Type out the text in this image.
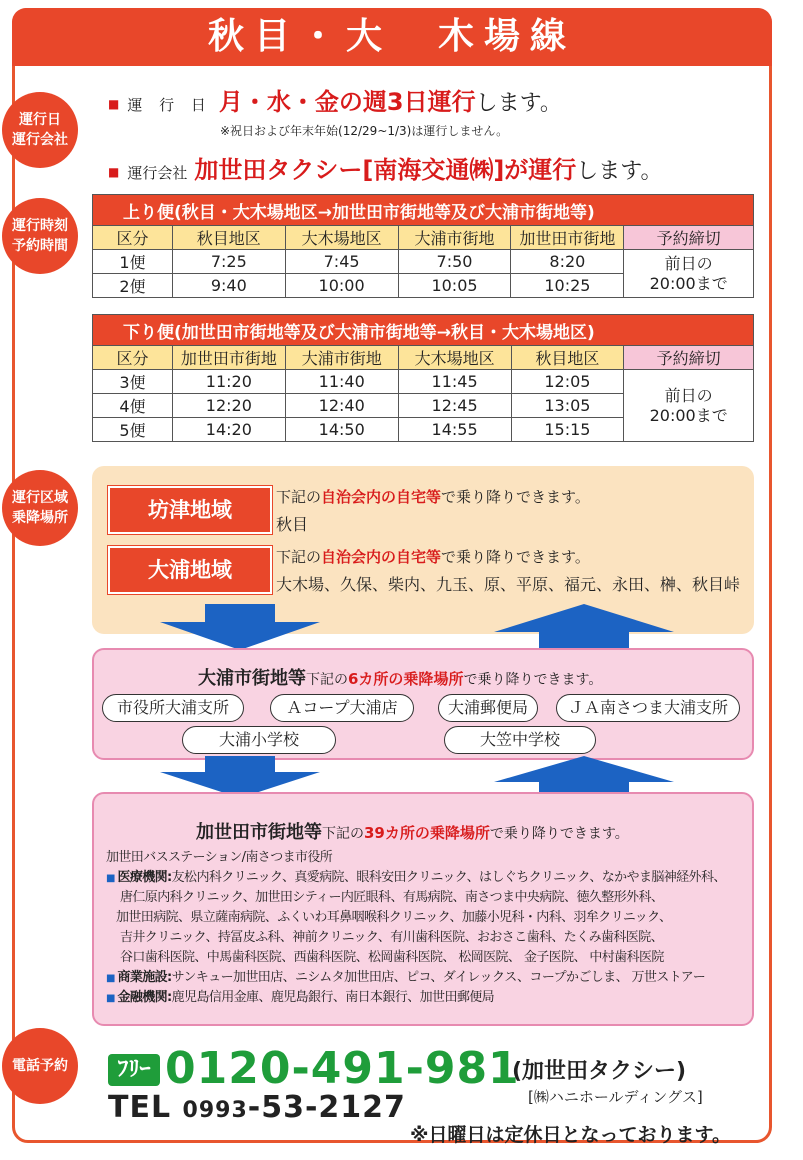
秋目・大　木場線
運行日
運行会社
運行時刻
予約時間
運行区域
乗降場所
電話予約
■ 運 行 日 月・水・金の週3日運行します。
※祝日および年末年始(12/29~1/3)は運行しません。
■ 運行会社 加世田タクシー[南海交通㈱]が運行します。
上り便(秋目・大木場地区→加世田市街地等及び大浦市街地等)					
区分	秋目地区	大木場地区	大浦市街地	加世田市街地	予約締切
1便	7:25	7:45	7:50	8:20	前日の
20:00まで
2便	9:40	10:00	10:05	10:25	
下り便(加世田市街地等及び大浦市街地等→秋目・大木場地区)					
区分	加世田市街地	大浦市街地	大木場地区	秋目地区	予約締切
3便	11:20	11:40	11:45	12:05	前日の
20:00まで
4便	12:20	12:40	12:45	13:05	
5便	14:20	14:50	14:55	15:15	
坊津地域
下記の自治会内の自宅等で乗り降りできます。
秋目
大浦地域
下記の自治会内の自宅等で乗り降りできます。
大木場、久保、柴内、九玉、原、平原、福元、永田、榊、秋目峠
大浦市街地等下記の6カ所の乗降場所で乗り降りできます。
市役所大浦支所	Ａコープ大浦店	大浦郵便局	ＪＡ南さつま大浦支所
大浦小学校	大笠中学校
加世田市街地等下記の39カ所の乗降場所で乗り降りできます。
加世田バスステーション/南さつま市役所
■ 医療機関:友松内科クリニック、真愛病院、眼科安田クリニック、はしぐちクリニック、なかやま脳神経外科、
唐仁原内科クリニック、加世田シティー内匠眼科、有馬病院、南さつま中央病院、徳久整形外科、
加世田病院、県立薩南病院、ふくいわ耳鼻咽喉科クリニック、加藤小児科・内科、羽牟クリニック、
吉井クリニック、持冨皮ふ科、神前クリニック、有川歯科医院、おおさこ歯科、たくみ歯科医院、
谷口歯科医院、中馬歯科医院、西歯科医院、松岡歯科医院、 松岡医院、 金子医院、 中村歯科医院
■ 商業施設:サンキュー加世田店、ニシムタ加世田店、ピコ、ダイレックス、コープかごしま、 万世ストアー
■ 金融機関:鹿児島信用金庫、鹿児島銀行、南日本銀行、加世田郵便局
ﾌﾘｰ 0120-491-981
(加世田タクシー)
[㈱ハニホールディングス]
TEL 0993-53-2127
※日曜日は定休日となっております。
